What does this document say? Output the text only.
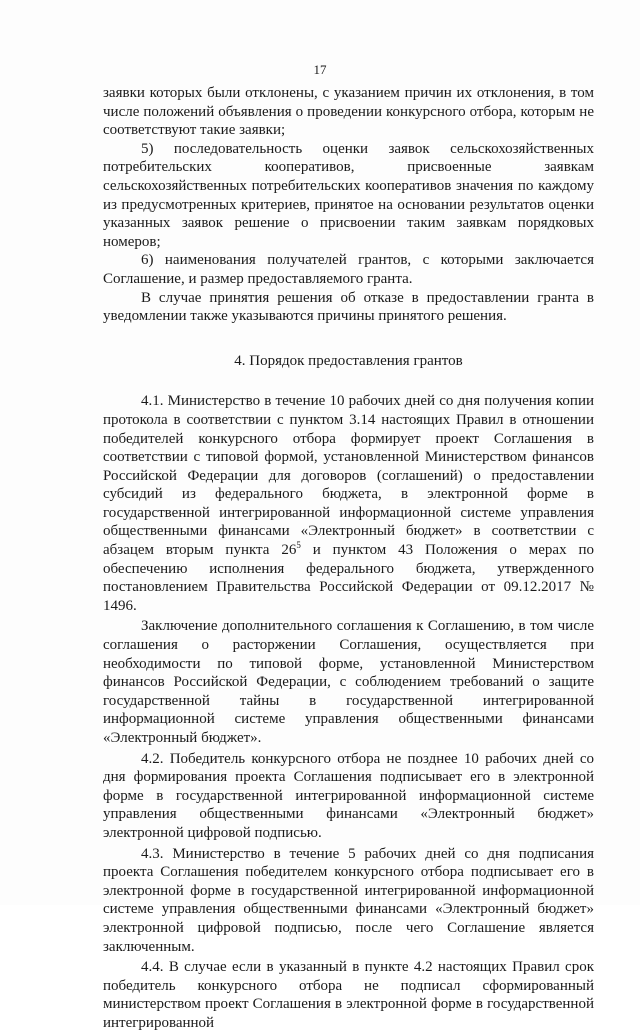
17

заявки которых были отклонены, с указанием причин их отклонения, в том числе положений объявления о проведении конкурсного отбора, которым не соответствуют такие заявки;

5) последовательность оценки заявок сельскохозяйственных потребительских кооперативов, присвоенные заявкам сельскохозяйственных потребительских кооперативов значения по каждому из предусмотренных критериев, принятое на основании результатов оценки указанных заявок решение о присвоении таким заявкам порядковых номеров;

6) наименования получателей грантов, с которыми заключается Соглашение, и размер предоставляемого гранта.

В случае принятия решения об отказе в предоставлении гранта в уведомлении также указываются причины принятого решения.

4. Порядок предоставления грантов

4.1. Министерство в течение 10 рабочих дней со дня получения копии протокола в соответствии с пунктом 3.14 настоящих Правил в отношении победителей конкурсного отбора формирует проект Соглашения в соответствии с типовой формой, установленной Министерством финансов Российской Федерации для договоров (соглашений) о предоставлении субсидий из федерального бюджета, в электронной форме в государственной интегрированной информационной системе управления общественными финансами «Электронный бюджет» в соответствии с абзацем вторым пункта $26^5$ и пунктом 43 Положения о мерах по обеспечению исполнения федерального бюджета, утвержденного постановлением Правительства Российской Федерации от 09.12.2017 № 1496.

Заключение дополнительного соглашения к Соглашению, в том числе соглашения о расторжении Соглашения, осуществляется при необходимости по типовой форме, установленной Министерством финансов Российской Федерации, с соблюдением требований о защите государственной тайны в государственной интегрированной информационной системе управления общественными финансами «Электронный бюджет».

4.2. Победитель конкурсного отбора не позднее 10 рабочих дней со дня формирования проекта Соглашения подписывает его в электронной форме в государственной интегрированной информационной системе управления общественными финансами «Электронный бюджет» электронной цифровой подписью.

4.3. Министерство в течение 5 рабочих дней со дня подписания проекта Соглашения победителем конкурсного отбора подписывает его в электронной форме в государственной интегрированной информационной системе управления общественными финансами «Электронный бюджет» электронной цифровой подписью, после чего Соглашение является заключенным.

4.4. В случае если в указанный в пункте 4.2 настоящих Правил срок победитель конкурсного отбора не подписал сформированный министерством проект Соглашения в электронной форме в государственной интегрированной
